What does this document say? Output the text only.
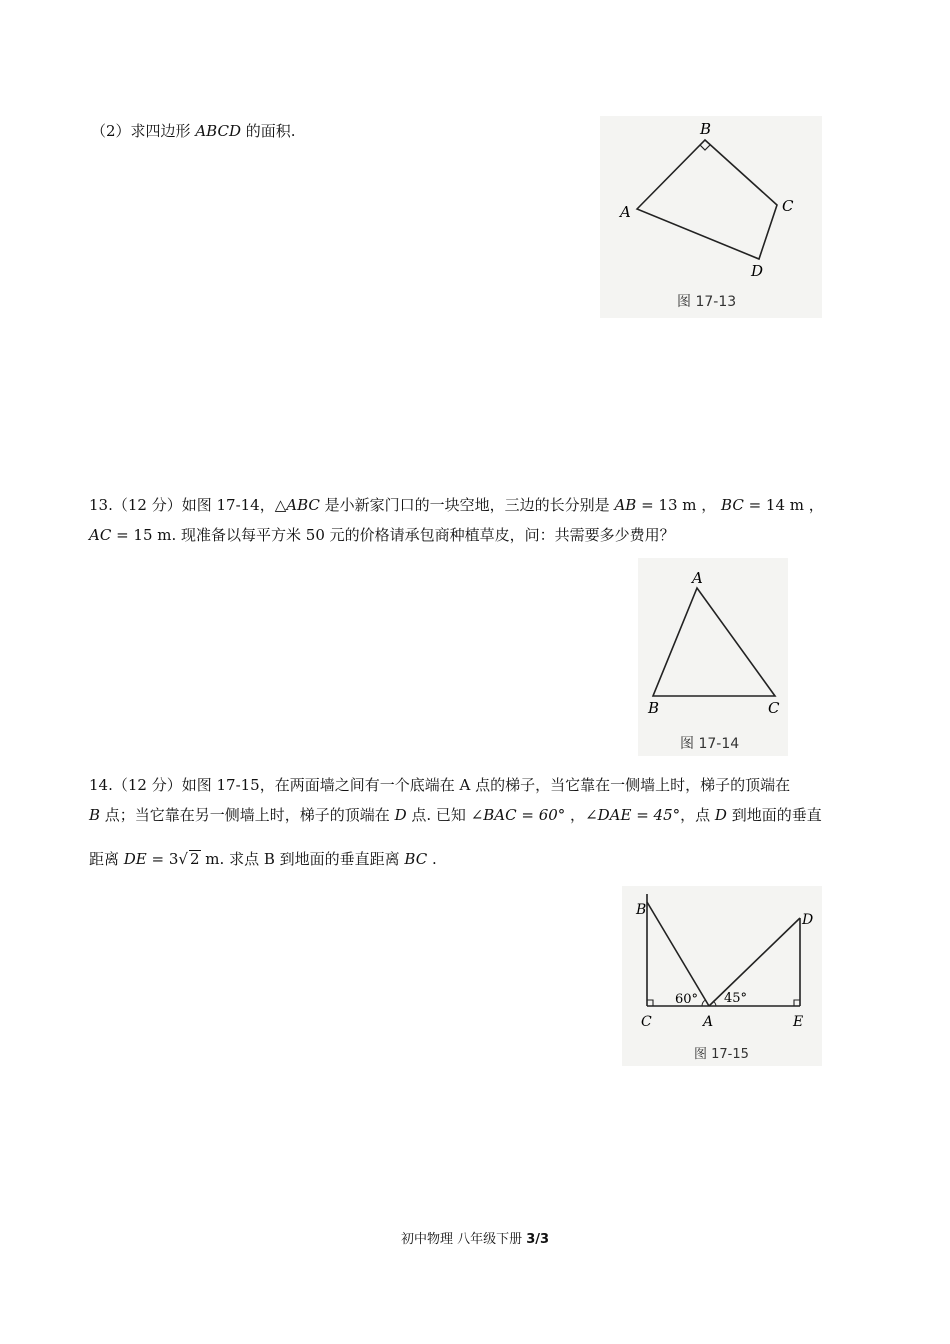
（2）求四边形 ABCD 的面积.	B
A	C
D
图 17-13
13.（12 分）如图 17-14，△ABC 是小新家门口的一块空地，三边的长分别是 AB = 13 m ， BC = 14 m ，
AC = 15 m. 现准备以每平方米 50 元的价格请承包商种植草皮，问：共需要多少费用？
A
B	C
图 17-14
14.（12 分）如图 17-15，在两面墙之间有一个底端在 A 点的梯子，当它靠在一侧墙上时，梯子的顶端在
B 点；当它靠在另一侧墙上时，梯子的顶端在 D 点. 已知 ∠BAC = 60° ，∠DAE = 45°，点 D 到地面的垂直
距离 DE = 3√ 2 m. 求点 B 到地面的垂直距离 BC .
B
D
C	A	E
60° 45°
图 17-15
初中物理 八年级下册 3/3
